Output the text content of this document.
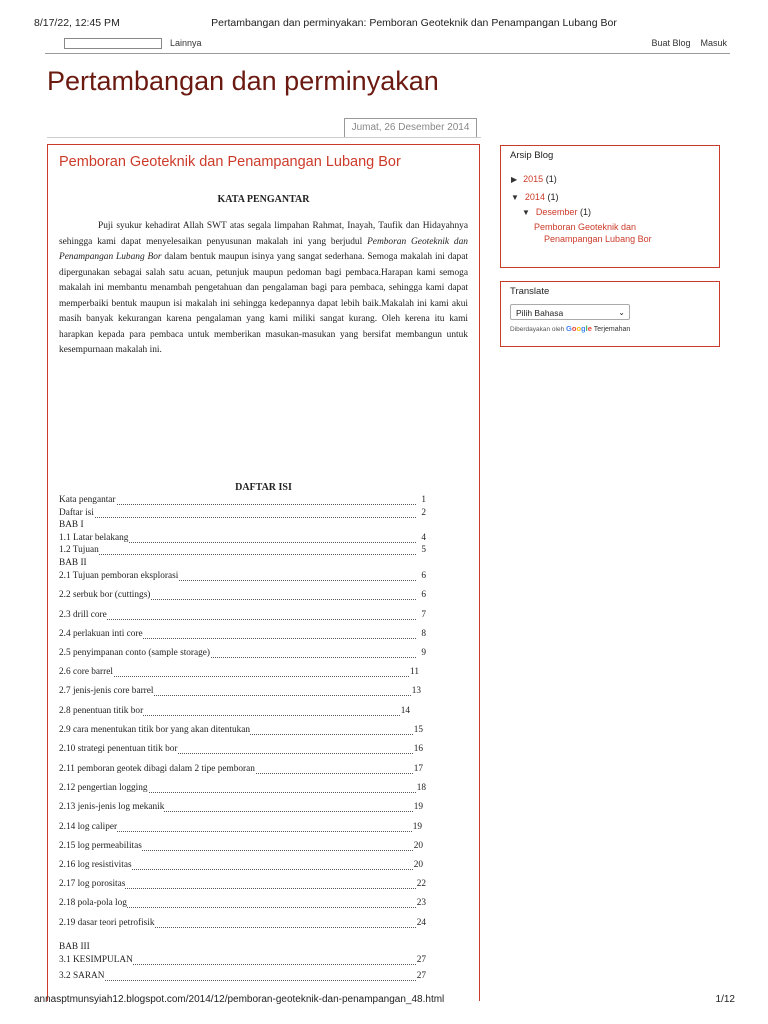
8/17/22, 12:45 PM	Pertambangan dan perminyakan: Pemboran Geoteknik dan Penampangan Lubang Bor
Lainnya	Buat Blog Masuk
Pertambangan dan perminyakan
Jumat, 26 Desember 2014
Pemboran Geoteknik dan Penampangan Lubang Bor
KATA PENGANTAR

Puji syukur kehadirat Allah SWT atas segala limpahan Rahmat, Inayah, Taufik dan Hidayahnya sehingga kami dapat menyelesaikan penyusunan makalah ini yang berjudul Pemboran Geoteknik dan Penampangan Lubang Bor dalam bentuk maupun isinya yang sangat sederhana. Semoga makalah ini dapat dipergunakan sebagai salah satu acuan, petunjuk maupun pedoman bagi pembaca.Harapan kami semoga makalah ini membantu menambah pengetahuan dan pengalaman bagi para pembaca, sehingga kami dapat memperbaiki bentuk maupun isi makalah ini sehingga kedepannya dapat lebih baik.Makalah ini kami akui masih banyak kekurangan karena pengalaman yang kami miliki sangat kurang. Oleh kerena itu kami harapkan kepada para pembaca untuk memberikan masukan-masukan yang bersifat membangun untuk kesempurnaan makalah ini.

DAFTAR ISI
Kata pengantar	1
Daftar isi	2
BAB I
1.1 Latar belakang	4
1.2 Tujuan	5
BAB II
2.1 Tujuan pemboran eksplorasi	6
2.2 serbuk bor (cuttings)	6
2.3 drill core	7
2.4 perlakuan inti core	8
2.5 penyimpanan conto (sample storage)	9
2.6 core barrel	11
2.7 jenis-jenis core barrel	13
2.8 penentuan titik bor	14
2.9 cara menentukan titik bor yang akan ditentukan	15
2.10 strategi penentuan titik bor	16
2.11 pemboran geotek dibagi dalam 2 tipe pemboran	17
2.12 pengertian logging	18
2.13 jenis-jenis log mekanik	19
2.14 log caliper	19
2.15 log permeabilitas	20
2.16 log resistivitas	20
2.17 log porositas	22
2.18 pola-pola log	23
2.19 dasar teori petrofisik	24
BAB III
3.1 KESIMPULAN	27
3.2 SARAN	27
Arsip Blog
▶ 2015 (1)
▼ 2014 (1)
▼ Desember (1)
Pemboran Geoteknik dan
Penampangan Lubang Bor
Translate
Pilih Bahasa	⌄
Diberdayakan oleh Google Terjemahan
annasptmunsyiah12.blogspot.com/2014/12/pemboran-geoteknik-dan-penampangan_48.html	1/12
